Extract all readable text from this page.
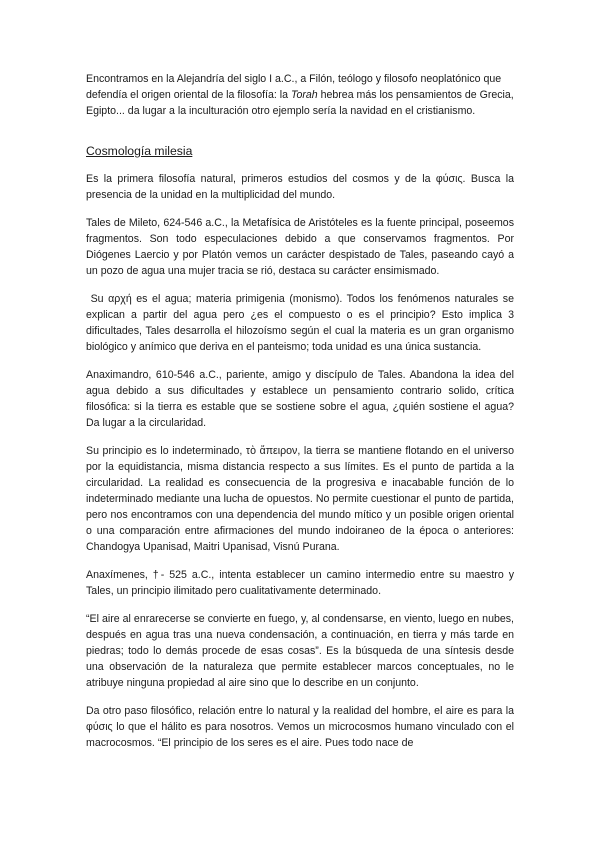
Encontramos en la Alejandría del siglo I a.C., a Filón, teólogo y filosofo neoplatónico que defendía el origen oriental de la filosofía: la Torah hebrea más los pensamientos de Grecia, Egipto... da lugar a la inculturación otro ejemplo sería la navidad en el cristianismo.

Cosmología milesia

Es la primera filosofía natural, primeros estudios del cosmos y de la φύσις. Busca la presencia de la unidad en la multiplicidad del mundo.

Tales de Mileto, 624-546 a.C., la Metafísica de Aristóteles es la fuente principal, poseemos fragmentos. Son todo especulaciones debido a que conservamos fragmentos. Por Diógenes Laercio y por Platón vemos un carácter despistado de Tales, paseando cayó a un pozo de agua una mujer tracia se rió, destaca su carácter ensimismado.

Su αρχή es el agua; materia primigenia (monismo). Todos los fenómenos naturales se explican a partir del agua pero ¿es el compuesto o es el principio? Esto implica 3 dificultades, Tales desarrolla el hilozoísmo según el cual la materia es un gran organismo biológico y anímico que deriva en el panteismo; toda unidad es una única sustancia.

Anaximandro, 610-546 a.C., pariente, amigo y discípulo de Tales. Abandona la idea del agua debido a sus dificultades y establece un pensamiento contrario solido, crítica filosófica: si la tierra es estable que se sostiene sobre el agua, ¿quién sostiene el agua? Da lugar a la circularidad.

Su principio es lo indeterminado, τὸ ἄπειρον, la tierra se mantiene flotando en el universo por la equidistancia, misma distancia respecto a sus límites. Es el punto de partida a la circularidad. La realidad es consecuencia de la progresiva e inacabable función de lo indeterminado mediante una lucha de opuestos. No permite cuestionar el punto de partida, pero nos encontramos con una dependencia del mundo mítico y un posible origen oriental o una comparación entre afirmaciones del mundo indoiraneo de la época o anteriores: Chandogya Upanisad, Maitri Upanisad, Visnú Purana.

Anaxímenes, †- 525 a.C., intenta establecer un camino intermedio entre su maestro y Tales, un principio ilimitado pero cualitativamente determinado.

“El aire al enrarecerse se convierte en fuego, y, al condensarse, en viento, luego en nubes, después en agua tras una nueva condensación, a continuación, en tierra y más tarde en piedras; todo lo demás procede de esas cosas”. Es la búsqueda de una síntesis desde una observación de la naturaleza que permite establecer marcos conceptuales, no le atribuye ninguna propiedad al aire sino que lo describe en un conjunto.

Da otro paso filosófico, relación entre lo natural y la realidad del hombre, el aire es para la φύσις lo que el hálito es para nosotros. Vemos un microcosmos humano vinculado con el macrocosmos. “El principio de los seres es el aire. Pues todo nace de
